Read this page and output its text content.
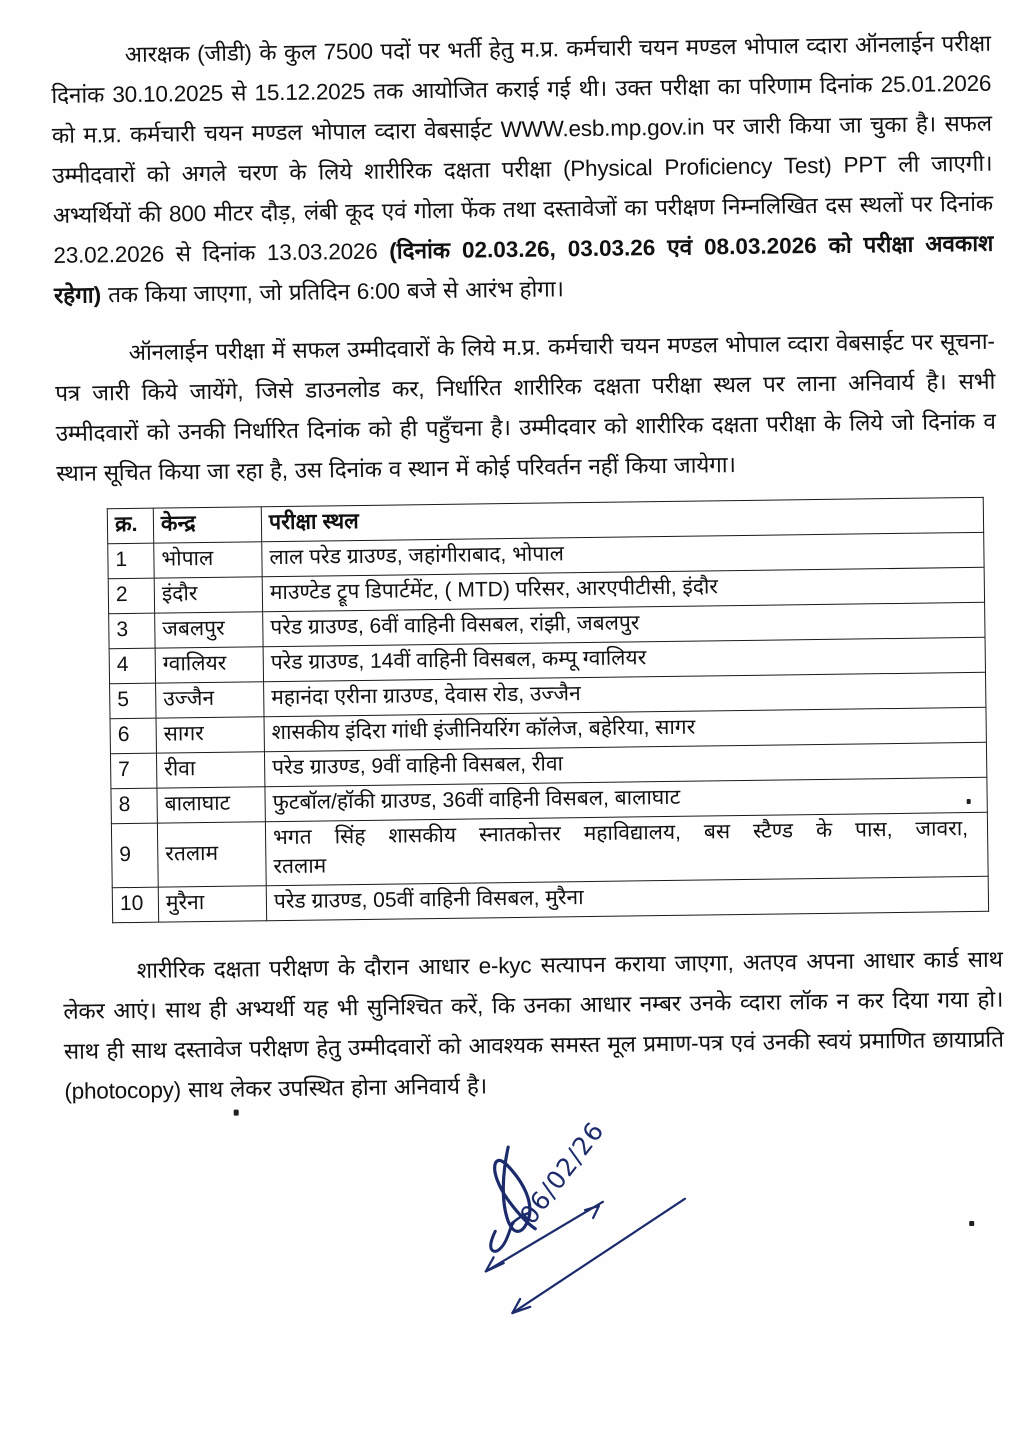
आरक्षक (जीडी) के कुल 7500 पदों पर भर्ती हेतु म.प्र. कर्मचारी चयन मण्डल भोपाल व्दारा ऑनलाईन परीक्षा दिनांक 30.10.2025 से 15.12.2025 तक आयोजित कराई गई थी। उक्त परीक्षा का परिणाम दिनांक 25.01.2026 को म.प्र. कर्मचारी चयन मण्डल भोपाल व्दारा वेबसाईट WWW.esb.mp.gov.in पर जारी किया जा चुका है। सफल उम्मीदवारों को अगले चरण के लिये शारीरिक दक्षता परीक्षा (Physical Proficiency Test) PPT ली जाएगी। अभ्यर्थियों की 800 मीटर दौड़, लंबी कूद एवं गोला फेंक तथा दस्तावेजों का परीक्षण निम्नलिखित दस स्थलों पर दिनांक 23.02.2026 से दिनांक 13.03.2026 (दिनांक 02.03.26, 03.03.26 एवं 08.03.2026 को परीक्षा अवकाश रहेगा) तक किया जाएगा, जो प्रतिदिन 6:00 बजे से आरंभ होगा।
ऑनलाईन परीक्षा में सफल उम्मीदवारों के लिये म.प्र. कर्मचारी चयन मण्डल भोपाल व्दारा वेबसाईट पर सूचना-पत्र जारी किये जायेंगे, जिसे डाउनलोड कर, निर्धारित शारीरिक दक्षता परीक्षा स्थल पर लाना अनिवार्य है। सभी उम्मीदवारों को उनकी निर्धारित दिनांक को ही पहुँचना है। उम्मीदवार को शारीरिक दक्षता परीक्षा के लिये जो दिनांक व स्थान सूचित किया जा रहा है, उस दिनांक व स्थान में कोई परिवर्तन नहीं किया जायेगा।
क्र.	केन्द्र	परीक्षा स्थल
1	भोपाल	लाल परेड ग्राउण्ड, जहांगीराबाद, भोपाल
2	इंदौर	माउण्टेड ट्रूप डिपार्टमेंट, ( MTD) परिसर, आरएपीटीसी, इंदौर
3	जबलपुर	परेड ग्राउण्ड, 6वीं वाहिनी विसबल, रांझी, जबलपुर
4	ग्वालियर	परेड ग्राउण्ड, 14वीं वाहिनी विसबल, कम्पू ग्वालियर
5	उज्जैन	महानंदा एरीना ग्राउण्ड, देवास रोड, उज्जैन
6	सागर	शासकीय इंदिरा गांधी इंजीनियरिंग कॉलेज, बहेरिया, सागर
7	रीवा	परेड ग्राउण्ड, 9वीं वाहिनी विसबल, रीवा
8	बालाघाट	फुटबॉल/हॉकी ग्राउण्ड, 36वीं वाहिनी विसबल, बालाघाट
9	रतलाम	भगत सिंह शासकीय स्नातकोत्तर महाविद्यालय, बस स्टैण्ड के पास, जावरा,
रतलाम

10	मुरैना	परेड ग्राउण्ड, 05वीं वाहिनी विसबल, मुरैना
शारीरिक दक्षता परीक्षण के दौरान आधार e-kyc सत्यापन कराया जाएगा, अतएव अपना आधार कार्ड साथ लेकर आएं। साथ ही अभ्यर्थी यह भी सुनिश्चित करें, कि उनका आधार नम्बर उनके व्दारा लॉक न कर दिया गया हो। साथ ही साथ दस्तावेज परीक्षण हेतु उम्मीदवारों को आवश्यक समस्त मूल प्रमाण-पत्र एवं उनकी स्वयं प्रमाणित छायाप्रति (photocopy) साथ लेकर उपस्थित होना अनिवार्य है।
06/02/26
